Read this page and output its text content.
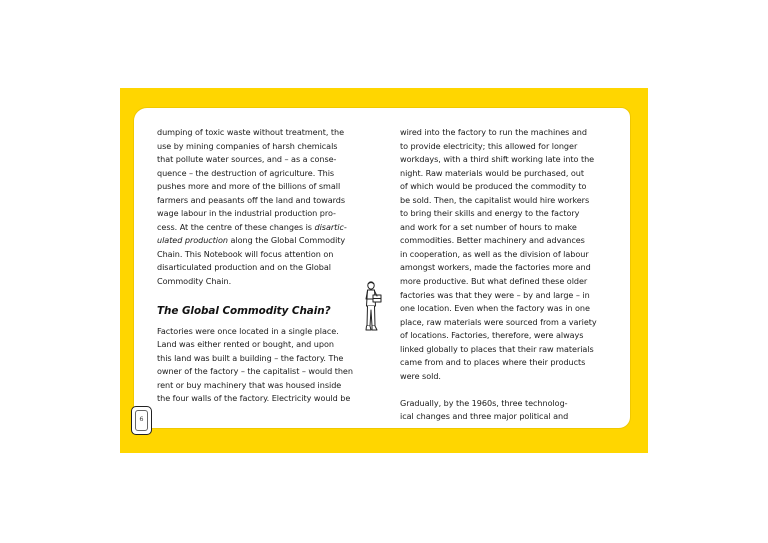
dumping of toxic waste without treatment, the
use by mining companies of harsh chemicals
that pollute water sources, and – as a conse-
quence – the destruction of agriculture. This
pushes more and more of the billions of small
farmers and peasants off the land and towards
wage labour in the industrial production pro-
cess. At the centre of these changes is disartic-
ulated production along the Global Commodity
Chain. This Notebook will focus attention on
disarticulated production and on the Global
Commodity Chain.
The Global Commodity Chain?
Factories were once located in a single place.
Land was either rented or bought, and upon
this land was built a building – the factory. The
owner of the factory – the capitalist – would then
rent or buy machinery that was housed inside
the four walls of the factory. Electricity would be
wired into the factory to run the machines and
to provide electricity; this allowed for longer
workdays, with a third shift working late into the
night. Raw materials would be purchased, out
of which would be produced the commodity to
be sold. Then, the capitalist would hire workers
to bring their skills and energy to the factory
and work for a set number of hours to make
commodities. Better machinery and advances
in cooperation, as well as the division of labour
amongst workers, made the factories more and
more productive. But what defined these older
factories was that they were – by and large – in
one location. Even when the factory was in one
place, raw materials were sourced from a variety
of locations. Factories, therefore, were always
linked globally to places that their raw materials
came from and to places where their products
were sold.
Gradually, by the 1960s, three technolog-
ical changes and three major political and
6
